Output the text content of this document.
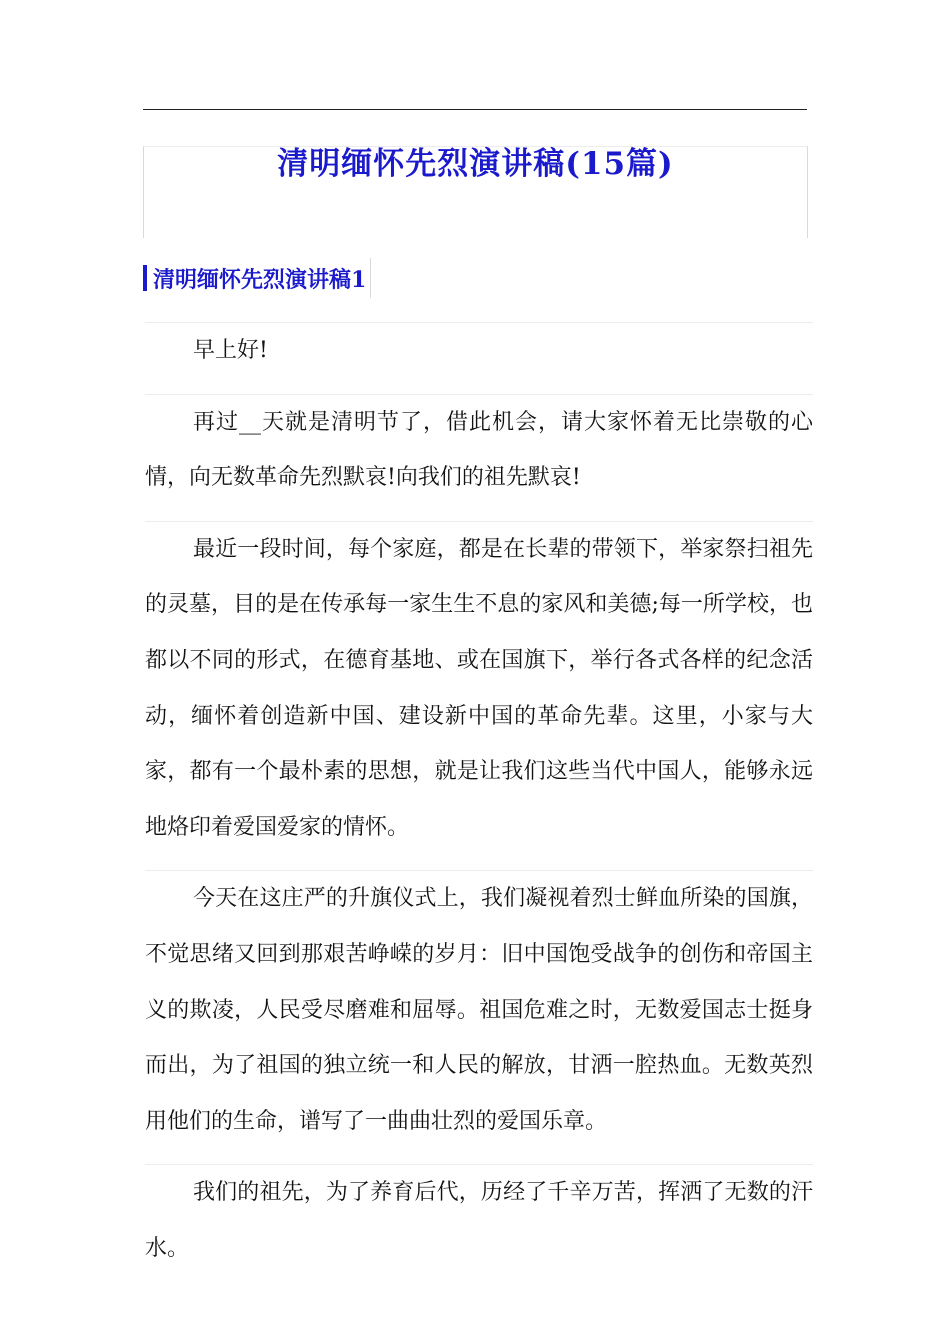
清明缅怀先烈演讲稿(15篇)
清明缅怀先烈演讲稿1

早上好!

再过__天就是清明节了，借此机会，请大家怀着无比崇敬的心情，向无数革命先烈默哀!向我们的祖先默哀!

最近一段时间，每个家庭，都是在长辈的带领下，举家祭扫祖先的灵墓，目的是在传承每一家生生不息的家风和美德;每一所学校，也都以不同的形式，在德育基地、或在国旗下，举行各式各样的纪念活动，缅怀着创造新中国、建设新中国的革命先辈。这里，小家与大家，都有一个最朴素的思想，就是让我们这些当代中国人，能够永远地烙印着爱国爱家的情怀。

今天在这庄严的升旗仪式上，我们凝视着烈士鲜血所染的国旗，不觉思绪又回到那艰苦峥嵘的岁月：旧中国饱受战争的创伤和帝国主义的欺凌，人民受尽磨难和屈辱。祖国危难之时，无数爱国志士挺身而出，为了祖国的独立统一和人民的解放，甘洒一腔热血。无数英烈用他们的生命，谱写了一曲曲壮烈的爱国乐章。

我们的祖先，为了养育后代，历经了千辛万苦，挥洒了无数的汗水。
